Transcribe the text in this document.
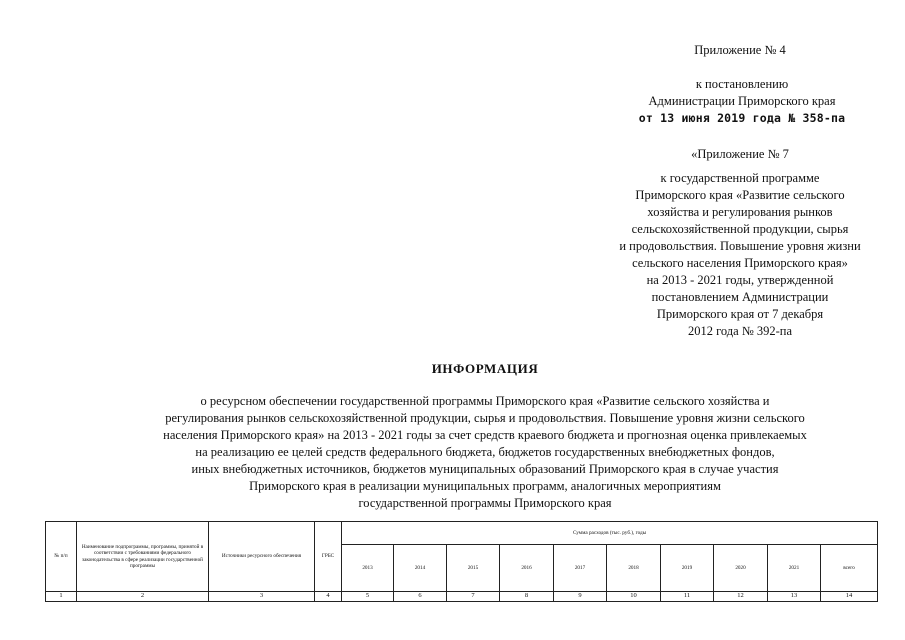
Приложение № 4
к постановлению
Администрации Приморского края
от 13 июня 2019 года № 358-па
«Приложение № 7
к государственной программе
Приморского края «Развитие сельского
хозяйства и регулирования рынков
сельскохозяйственной продукции, сырья
и продовольствия. Повышение уровня жизни
сельского населения Приморского края»
на 2013 - 2021 годы, утвержденной
постановлением Администрации
Приморского края от 7 декабря
2012 года № 392-па
ИНФОРМАЦИЯ
о ресурсном обеспечении государственной программы Приморского края «Развитие сельского хозяйства и
регулирования рынков сельскохозяйственной продукции, сырья и продовольствия. Повышение уровня жизни сельского
населения Приморского края» на 2013 - 2021 годы за счет средств краевого бюджета и прогнозная оценка привлекаемых
на реализацию ее целей средств федерального бюджета, бюджетов государственных внебюджетных фондов,
иных внебюджетных источников, бюджетов муниципальных образований Приморского края в случае участия
Приморского края в реализации муниципальных программ, аналогичных мероприятиям
государственной программы Приморского края
№ п/п	Наименование подпрограммы, программы, принятой в соответствии с требованиями федерального законодательства в сфере реализации государственной программы	Источники ресурсного обеспечения	ГРБС	Сумма расходов (тыс. руб.), годы									
				2013	2014	2015	2016	2017	2018	2019	2020	2021	всего
1	2	3	4	5	6	7	8	9	10	11	12	13	14
